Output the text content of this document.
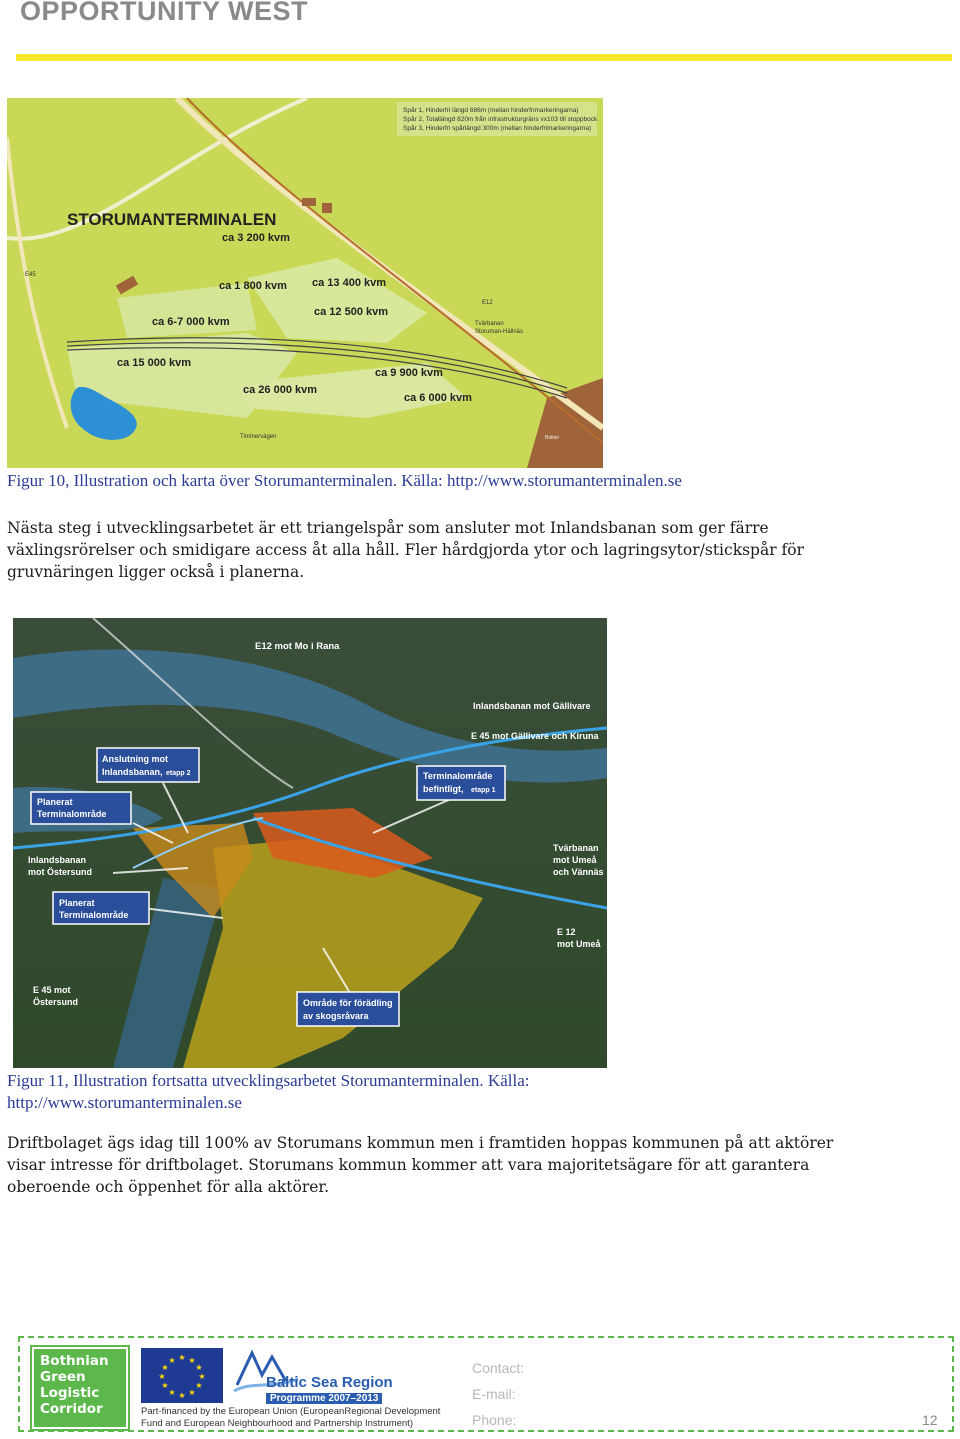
OPPORTUNITY WEST
Spår 1, Hinderfri längd 686m (mellan hinderfrimarkeringarna)
Spår 2, Totallängd 820m från infrastrukturgräns vx103 till stoppbock
Spår 3, Hinderfri spårlängd 300m (mellan hinderfrimarkeringarna)
STORUMANTERMINALEN
ca 3 200 kvm
ca 13 400 kvm
ca 1 800 kvm
ca 12 500 kvm
ca 6-7 000 kvm
ca 15 000 kvm
ca 9 900 kvm
ca 26 000 kvm
ca 6 000 kvm
E45
E12
Tvärbanan
Storuman-Hällnäs
Timmervägen	Boliter
Figur 10, Illustration och karta över Storumanterminalen. Källa: http://www.storumanterminalen.se
Nästa steg i utvecklingsarbetet är ett triangelspår som ansluter mot Inlandsbanan som ger färre
växlingsrörelser och smidigare access åt alla håll. Fler hårdgjorda ytor och lagringsytor/stickspår för
gruvnäringen ligger också i planerna.
E12 mot Mo i Rana
Inlandsbanan mot Gällivare
E 45 mot Gällivare och Kiruna
Anslutning mot
Inlandsbanan, etapp 2	Terminalområde
befintligt, etapp 1
Planerat
Terminalområde
Inlandsbanan
mot Östersund
Tvärbanan
mot Umeå
och Vännäs
Planerat
Terminalområde
E 12
mot Umeå
E 45 mot
Östersund	Område för förädling
av skogsråvara
Figur 11, Illustration fortsatta utvecklingsarbetet Storumanterminalen. Källa:
http://www.storumanterminalen.se
Driftbolaget ägs idag till 100% av Storumans kommun men i framtiden hoppas kommunen på att aktörer
visar intresse för driftbolaget. Storumans kommun kommer att vara majoritetsägare för att garantera
oberoende och öppenhet för alla aktörer.
Bothnian
Green
Logistic
Corridor
★ ★
★
★
★
★
★
★
★
★
★
★
Baltic Sea Region
Programme 2007–2013
Part-financed by the European Union (EuropeanRegional Development
Fund and European Neighbourhood and Partnership Instrument)
Contact:
E-mail:
Phone:	12
